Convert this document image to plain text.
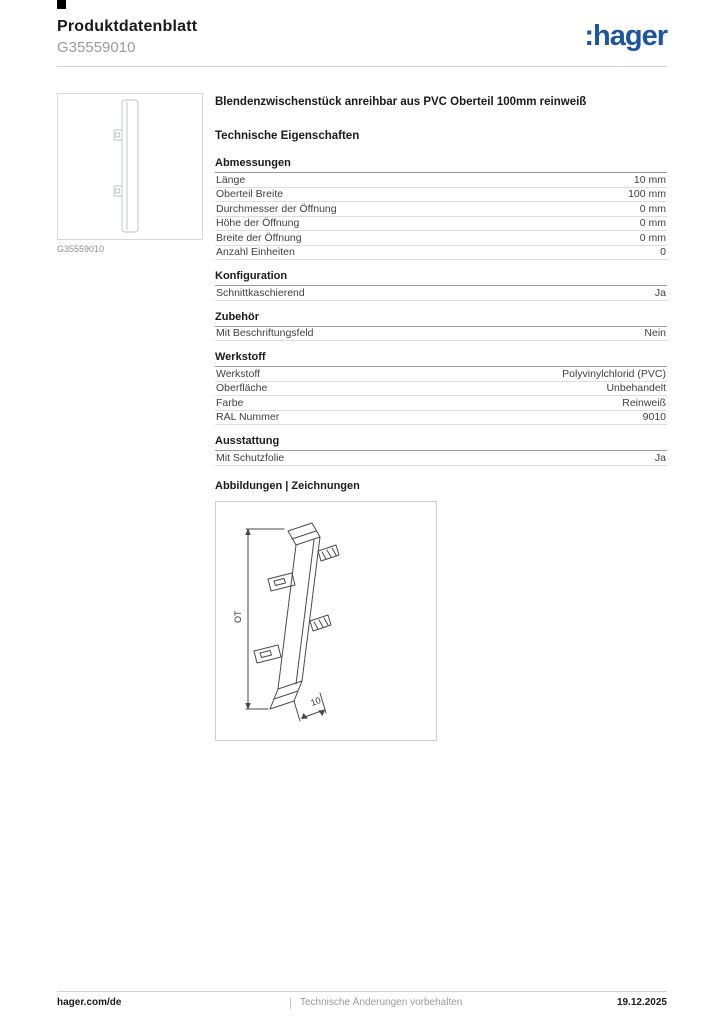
Produktdatenblatt
G35559010	:hager
G35559010

Blendenzwischenstück anreihbar aus PVC Oberteil 100mm reinweiß

Technische Eigenschaften

Abmessungen
Länge	10 mm
Oberteil Breite	100 mm
Durchmesser der Öffnung	0 mm
Höhe der Öffnung	0 mm
Breite der Öffnung	0 mm
Anzahl Einheiten	0
Konfiguration
Schnittkaschierend	Ja
Zubehör
Mit Beschriftungsfeld	Nein
Werkstoff
Werkstoff	Polyvinylchlorid (PVC)
Oberfläche	Unbehandelt
Farbe	Reinweiß
RAL Nummer	9010
Ausstattung
Mit Schutzfolie	Ja
Abbildungen | Zeichnungen
OT
10
hager.com/de	Technische Änderungen vorbehalten	19.12.2025
